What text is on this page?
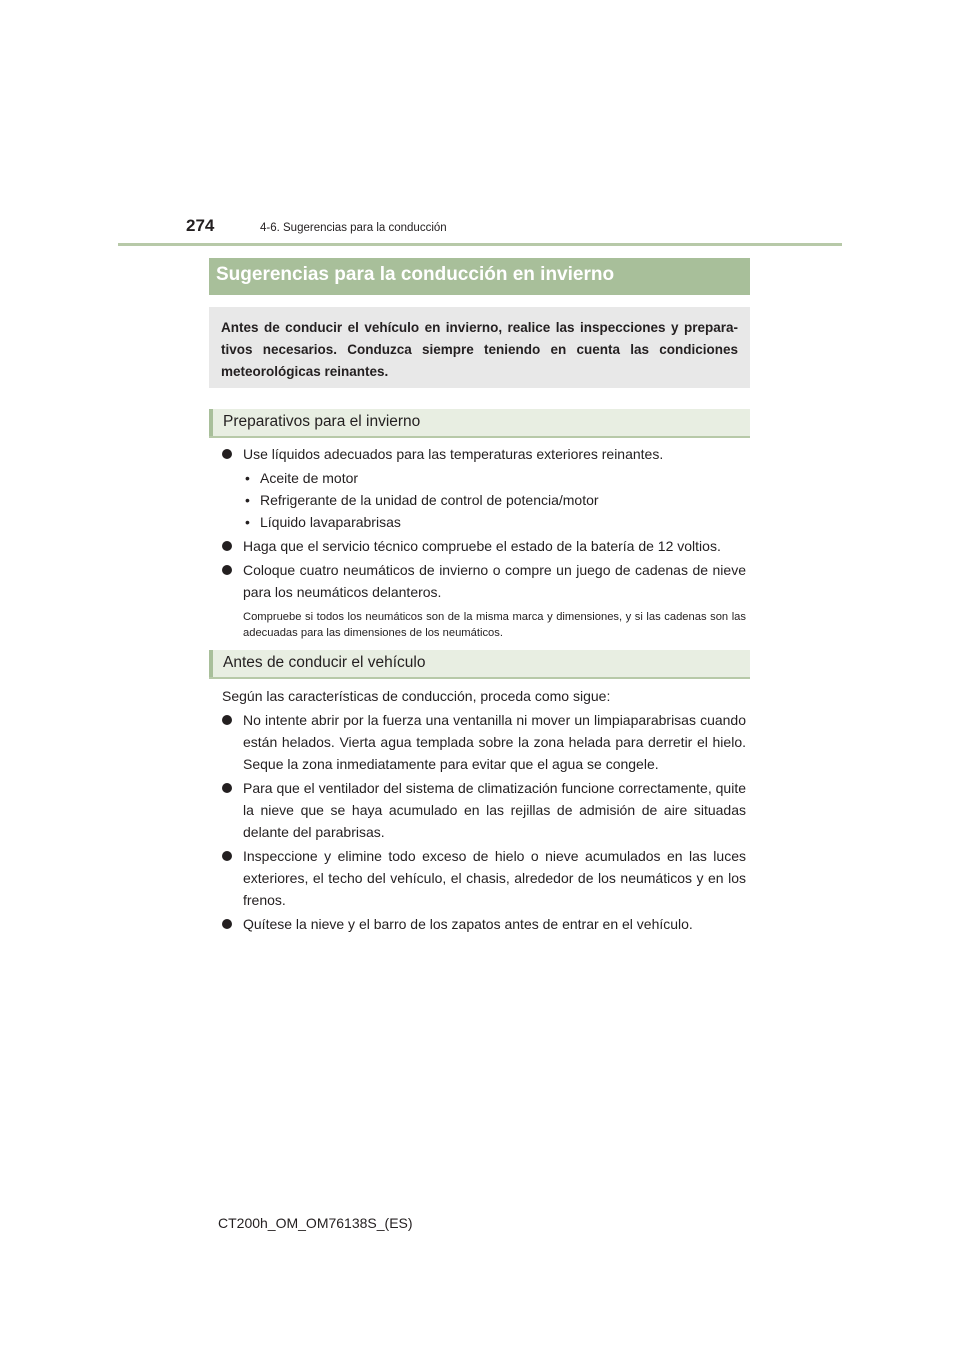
274	4-6. Sugerencias para la conducción
Sugerencias para la conducción en invierno
Antes de conducir el vehículo en invierno, realice las inspecciones y preparativos necesarios. Conduzca siempre teniendo en cuenta las condiciones meteorológicas reinantes.
Preparativos para el invierno
Use líquidos adecuados para las temperaturas exteriores reinantes.
• Aceite de motor
• Refrigerante de la unidad de control de potencia/motor
• Líquido lavaparabrisas
Haga que el servicio técnico compruebe el estado de la batería de 12 voltios.
Coloque cuatro neumáticos de invierno o compre un juego de cadenas de nieve para los neumáticos delanteros.
Compruebe si todos los neumáticos son de la misma marca y dimensiones, y si las cadenas son las adecuadas para las dimensiones de los neumáticos.
Antes de conducir el vehículo
Según las características de conducción, proceda como sigue:
No intente abrir por la fuerza una ventanilla ni mover un limpiaparabrisas cuando están helados. Vierta agua templada sobre la zona helada para derretir el hielo. Seque la zona inmediatamente para evitar que el agua se congele.
Para que el ventilador del sistema de climatización funcione correctamente, quite la nieve que se haya acumulado en las rejillas de admisión de aire situadas delante del parabrisas.
Inspeccione y elimine todo exceso de hielo o nieve acumulados en las luces exteriores, el techo del vehículo, el chasis, alrededor de los neumáticos y en los frenos.
Quítese la nieve y el barro de los zapatos antes de entrar en el vehículo.
CT200h_OM_OM76138S_(ES)
